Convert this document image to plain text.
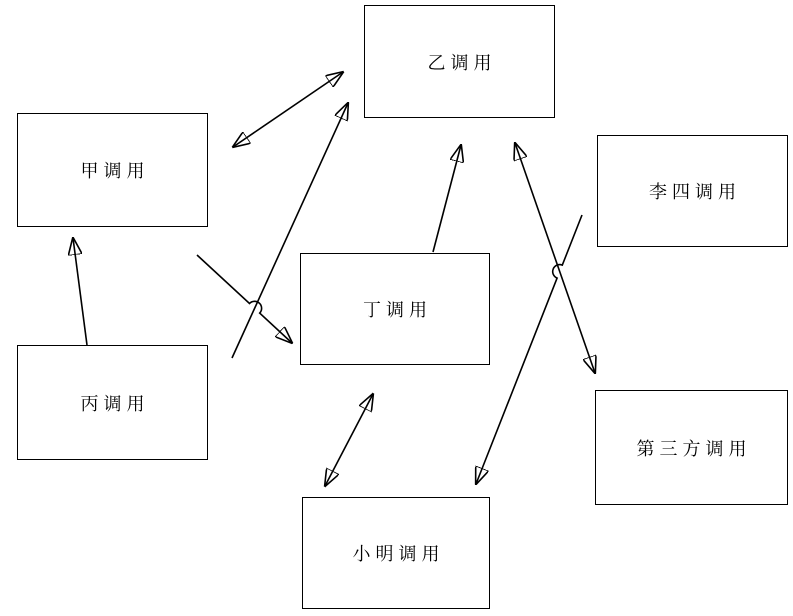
乙调用
甲调用
李四调用
丁调用
丙调用
第三方调用
小明调用
